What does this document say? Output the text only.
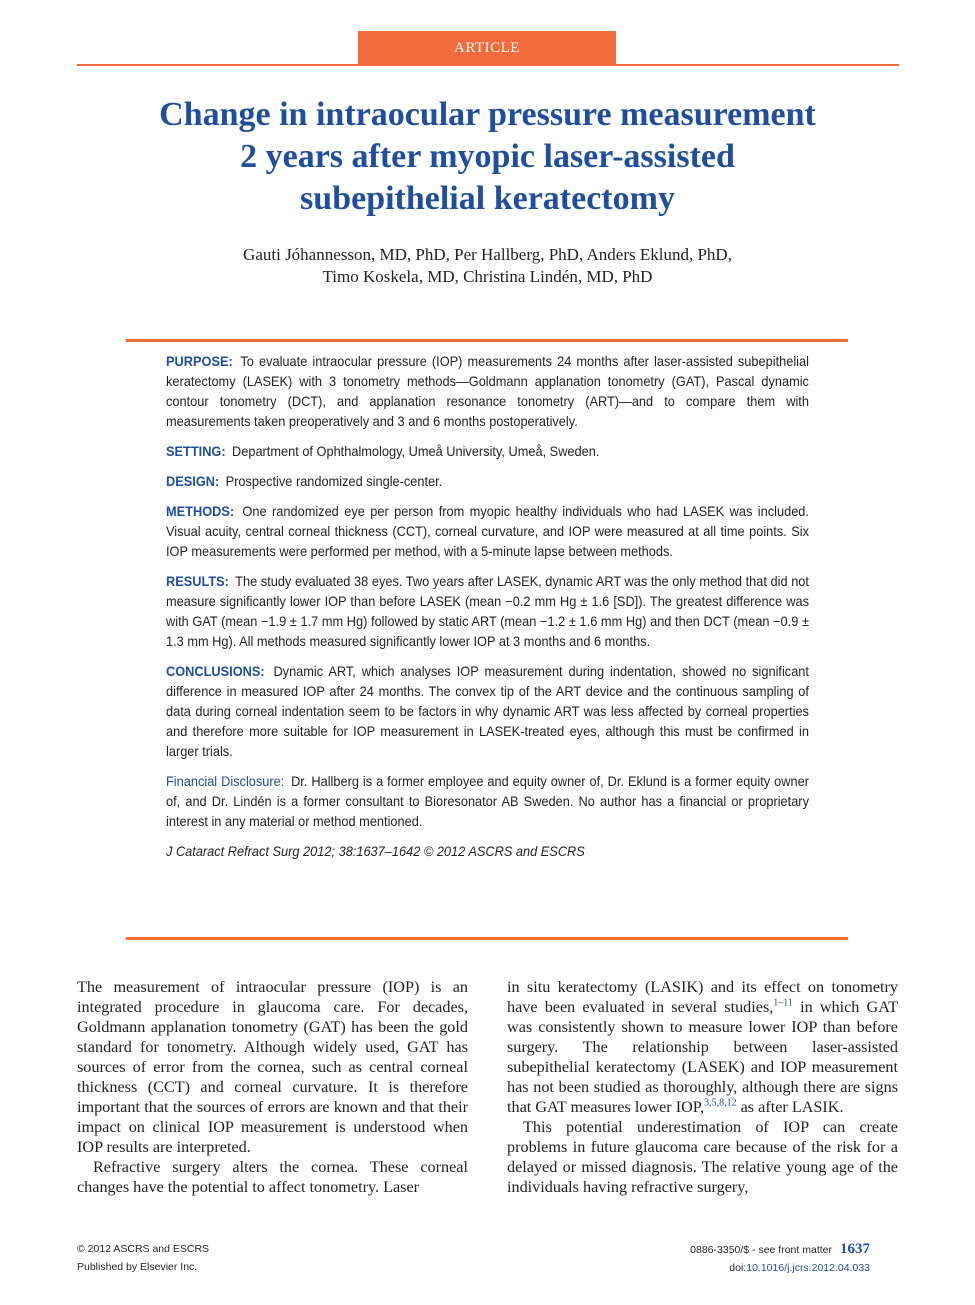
ARTICLE
Change in intraocular pressure measurement
2 years after myopic laser-assisted
subepithelial keratectomy
Gauti Jóhannesson, MD, PhD, Per Hallberg, PhD, Anders Eklund, PhD,
Timo Koskela, MD, Christina Lindén, MD, PhD

PURPOSE: To evaluate intraocular pressure (IOP) measurements 24 months after laser-assisted subepithelial keratectomy (LASEK) with 3 tonometry methods—Goldmann applanation tonometry (GAT), Pascal dynamic contour tonometry (DCT), and applanation resonance tonometry (ART)—and to compare them with measurements taken preoperatively and 3 and 6 months postoperatively.

SETTING: Department of Ophthalmology, Umeå University, Umeå, Sweden.

DESIGN: Prospective randomized single-center.

METHODS: One randomized eye per person from myopic healthy individuals who had LASEK was included. Visual acuity, central corneal thickness (CCT), corneal curvature, and IOP were measured at all time points. Six IOP measurements were performed per method, with a 5-minute lapse between methods.

RESULTS: The study evaluated 38 eyes. Two years after LASEK, dynamic ART was the only method that did not measure significantly lower IOP than before LASEK (mean −0.2 mm Hg ± 1.6 [SD]). The greatest difference was with GAT (mean −1.9 ± 1.7 mm Hg) followed by static ART (mean −1.2 ± 1.6 mm Hg) and then DCT (mean −0.9 ± 1.3 mm Hg). All methods measured significantly lower IOP at 3 months and 6 months.

CONCLUSIONS: Dynamic ART, which analyses IOP measurement during indentation, showed no significant difference in measured IOP after 24 months. The convex tip of the ART device and the continuous sampling of data during corneal indentation seem to be factors in why dynamic ART was less affected by corneal properties and therefore more suitable for IOP measurement in LASEK-treated eyes, although this must be confirmed in larger trials.

Financial Disclosure: Dr. Hallberg is a former employee and equity owner of, Dr. Eklund is a former equity owner of, and Dr. Lindén is a former consultant to Bioresonator AB Sweden. No author has a financial or proprietary interest in any material or method mentioned.

J Cataract Refract Surg 2012; 38:1637–1642 © 2012 ASCRS and ESCRS

The measurement of intraocular pressure (IOP) is an integrated procedure in glaucoma care. For decades, Goldmann applanation tonometry (GAT) has been the gold standard for tonometry. Although widely used, GAT has sources of error from the cornea, such as central corneal thickness (CCT) and corneal curvature. It is therefore important that the sources of errors are known and that their impact on clinical IOP measurement is understood when IOP results are interpreted.

Refractive surgery alters the cornea. These corneal changes have the potential to affect tonometry. Laser

in situ keratectomy (LASIK) and its effect on tonometry have been evaluated in several studies,$^{1-11}$ in which GAT was consistently shown to measure lower IOP than before surgery. The relationship between laser-assisted subepithelial keratectomy (LASEK) and IOP measurement has not been studied as thoroughly, although there are signs that GAT measures lower IOP,$^{3,5,8,12}$ as after LASIK.

This potential underestimation of IOP can create problems in future glaucoma care because of the risk for a delayed or missed diagnosis. The relative young age of the individuals having refractive surgery,

© 2012 ASCRS and ESCRS
Published by Elsevier Inc.
0886-3350/$ - see front matter 1637
doi:10.1016/j.jcrs.2012.04.033
